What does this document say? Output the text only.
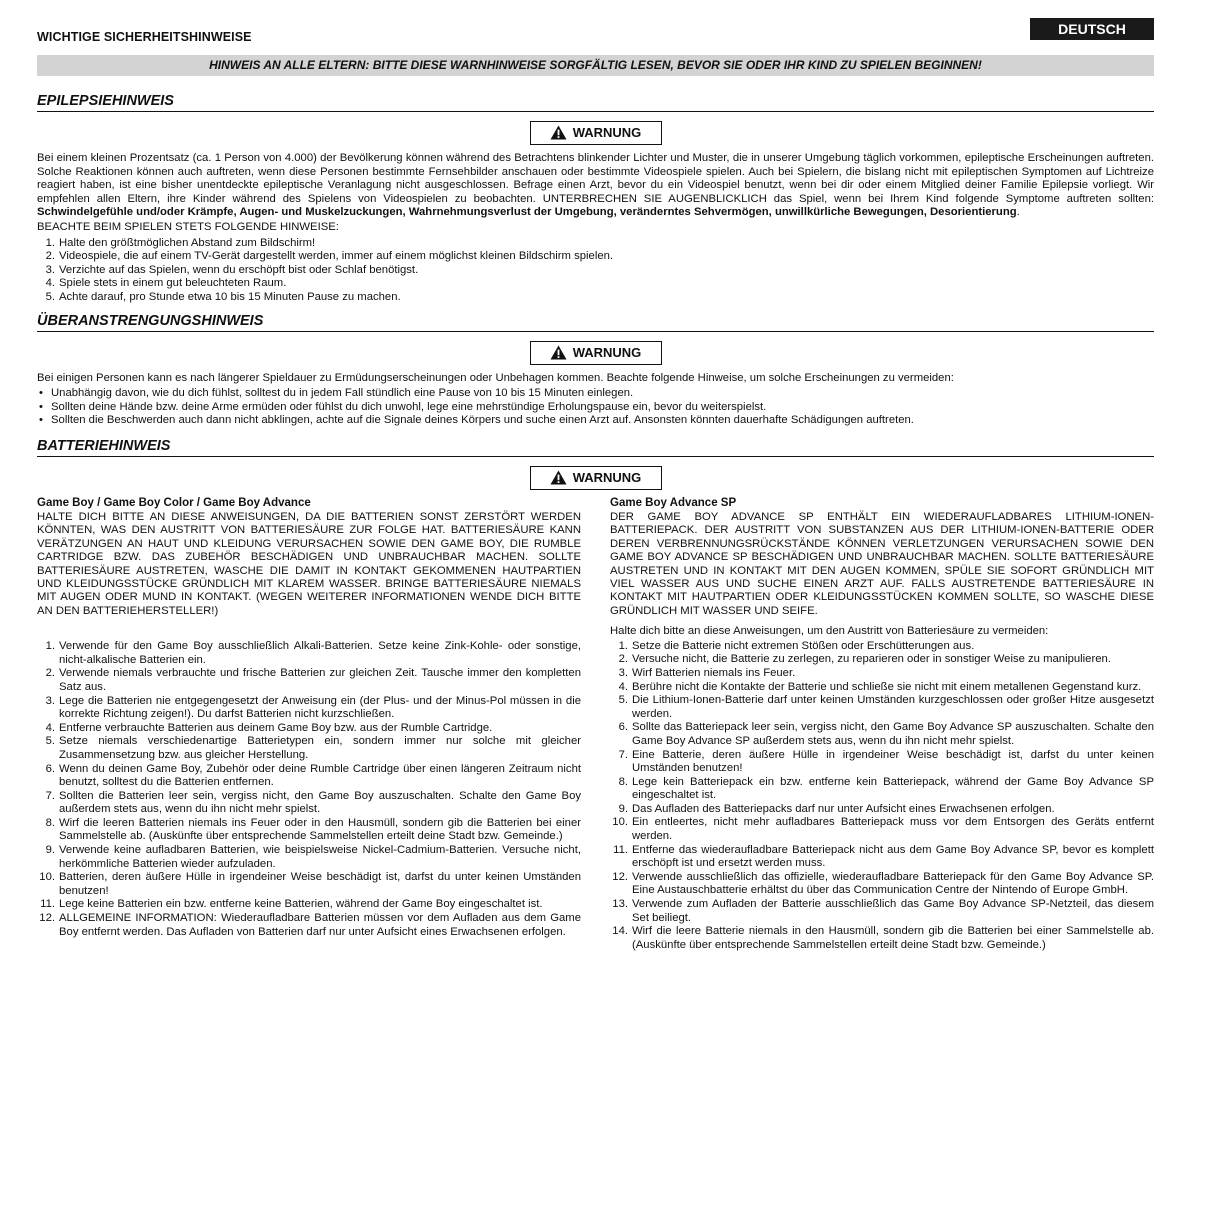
WICHTIGE SICHERHEITSHINWEISE	DEUTSCH
HINWEIS AN ALLE ELTERN: BITTE DIESE WARNHINWEISE SORGFÄLTIG LESEN, BEVOR SIE ODER IHR KIND ZU SPIELEN BEGINNEN!
EPILEPSIEHINWEIS
WARNUNG

Bei einem kleinen Prozentsatz (ca. 1 Person von 4.000) der Bevölkerung können während des Betrachtens blinkender Lichter und Muster, die in unserer Umgebung täglich vorkommen, epileptische Erscheinungen auftreten. Solche Reaktionen können auch auftreten, wenn diese Personen bestimmte Fernsehbilder anschauen oder bestimmte Videospiele spielen. Auch bei Spielern, die bislang nicht mit epileptischen Symptomen auf Lichtreize reagiert haben, ist eine bisher unentdeckte epileptische Veranlagung nicht ausgeschlossen. Befrage einen Arzt, bevor du ein Videospiel benutzt, wenn bei dir oder einem Mitglied deiner Familie Epilepsie vorliegt. Wir empfehlen allen Eltern, ihre Kinder während des Spielens von Videospielen zu beobachten. UNTERBRECHEN SIE AUGENBLICKLICH das Spiel, wenn bei Ihrem Kind folgende Symptome auftreten sollten: Schwindelgefühle und/oder Krämpfe, Augen- und Muskelzuckungen, Wahrnehmungsverlust der Umgebung, veränderntes Sehvermögen, unwillkürliche Bewegungen, Desorientierung.

BEACHTE BEIM SPIELEN STETS FOLGENDE HINWEISE:

1. Halte den größtmöglichen Abstand zum Bildschirm!
2. Videospiele, die auf einem TV-Gerät dargestellt werden, immer auf einem möglichst kleinen Bildschirm spielen.
3. Verzichte auf das Spielen, wenn du erschöpft bist oder Schlaf benötigst.
4. Spiele stets in einem gut beleuchteten Raum.
5. Achte darauf, pro Stunde etwa 10 bis 15 Minuten Pause zu machen.
ÜBERANSTRENGUNGSHINWEIS
WARNUNG

Bei einigen Personen kann es nach längerer Spieldauer zu Ermüdungserscheinungen oder Unbehagen kommen. Beachte folgende Hinweise, um solche Erscheinungen zu vermeiden:

• Unabhängig davon, wie du dich fühlst, solltest du in jedem Fall stündlich eine Pause von 10 bis 15 Minuten einlegen.
• Sollten deine Hände bzw. deine Arme ermüden oder fühlst du dich unwohl, lege eine mehrstündige Erholungspause ein, bevor du weiterspielst.
• Sollten die Beschwerden auch dann nicht abklingen, achte auf die Signale deines Körpers und suche einen Arzt auf. Ansonsten könnten dauerhafte Schädigungen auftreten.
BATTERIEHINWEIS
WARNUNG
Game Boy / Game Boy Color / Game Boy Advance

HALTE DICH BITTE AN DIESE ANWEISUNGEN, DA DIE BATTERIEN SONST ZERSTÖRT WERDEN KÖNNTEN, WAS DEN AUSTRITT VON BATTERIESÄURE ZUR FOLGE HAT. BATTERIESÄURE KANN VERÄTZUNGEN AN HAUT UND KLEIDUNG VERURSACHEN SOWIE DEN GAME BOY, DIE RUMBLE CARTRIDGE BZW. DAS ZUBEHÖR BESCHÄDIGEN UND UNBRAUCHBAR MACHEN. SOLLTE BATTERIESÄURE AUSTRETEN, WASCHE DIE DAMIT IN KONTAKT GEKOMMENEN HAUTPARTIEN UND KLEIDUNGSSTÜCKE GRÜNDLICH MIT KLAREM WASSER. BRINGE BATTERIESÄURE NIEMALS MIT AUGEN ODER MUND IN KONTAKT. (WEGEN WEITERER INFORMATIONEN WENDE DICH BITTE AN DEN BATTERIEHERSTELLER!)

1. Verwende für den Game Boy ausschließlich Alkali-Batterien. Setze keine Zink-Kohle- oder sonstige, nicht-alkalische Batterien ein.
2. Verwende niemals verbrauchte und frische Batterien zur gleichen Zeit. Tausche immer den kompletten Satz aus.
3. Lege die Batterien nie entgegengesetzt der Anweisung ein (der Plus- und der Minus-Pol müssen in die korrekte Richtung zeigen!). Du darfst Batterien nicht kurzschließen.
4. Entferne verbrauchte Batterien aus deinem Game Boy bzw. aus der Rumble Cartridge.
5. Setze niemals verschiedenartige Batterietypen ein, sondern immer nur solche mit gleicher Zusammensetzung bzw. aus gleicher Herstellung.
6. Wenn du deinen Game Boy, Zubehör oder deine Rumble Cartridge über einen längeren Zeitraum nicht benutzt, solltest du die Batterien entfernen.
7. Sollten die Batterien leer sein, vergiss nicht, den Game Boy auszuschalten. Schalte den Game Boy außerdem stets aus, wenn du ihn nicht mehr spielst.
8. Wirf die leeren Batterien niemals ins Feuer oder in den Hausmüll, sondern gib die Batterien bei einer Sammelstelle ab. (Auskünfte über entsprechende Sammelstellen erteilt deine Stadt bzw. Gemeinde.)
9. Verwende keine aufladbaren Batterien, wie beispielsweise Nickel-Cadmium-Batterien. Versuche nicht, herkömmliche Batterien wieder aufzuladen.
10. Batterien, deren äußere Hülle in irgendeiner Weise beschädigt ist, darfst du unter keinen Umständen benutzen!
11. Lege keine Batterien ein bzw. entferne keine Batterien, während der Game Boy eingeschaltet ist.
12. ALLGEMEINE INFORMATION: Wiederaufladbare Batterien müssen vor dem Aufladen aus dem Game Boy entfernt werden. Das Aufladen von Batterien darf nur unter Aufsicht eines Erwachsenen erfolgen.
Game Boy Advance SP

DER GAME BOY ADVANCE SP ENTHÄLT EIN WIEDERAUFLADBARES LITHIUM-IONEN-BATTERIEPACK. DER AUSTRITT VON SUBSTANZEN AUS DER LITHIUM-IONEN-BATTERIE ODER DEREN VERBRENNUNGSRÜCKSTÄNDE KÖNNEN VERLETZUNGEN VERURSACHEN SOWIE DEN GAME BOY ADVANCE SP BESCHÄDIGEN UND UNBRAUCHBAR MACHEN. SOLLTE BATTERIESÄURE AUSTRETEN UND IN KONTAKT MIT DEN AUGEN KOMMEN, SPÜLE SIE SOFORT GRÜNDLICH MIT VIEL WASSER AUS UND SUCHE EINEN ARZT AUF. FALLS AUSTRETENDE BATTERIESÄURE IN KONTAKT MIT HAUTPARTIEN ODER KLEIDUNGSSTÜCKEN KOMMEN SOLLTE, SO WASCHE DIESE GRÜNDLICH MIT WASSER UND SEIFE.

Halte dich bitte an diese Anweisungen, um den Austritt von Batteriesäure zu vermeiden:

1. Setze die Batterie nicht extremen Stößen oder Erschütterungen aus.
2. Versuche nicht, die Batterie zu zerlegen, zu reparieren oder in sonstiger Weise zu manipulieren.
3. Wirf Batterien niemals ins Feuer.
4. Berühre nicht die Kontakte der Batterie und schließe sie nicht mit einem metallenen Gegenstand kurz.
5. Die Lithium-Ionen-Batterie darf unter keinen Umständen kurzgeschlossen oder großer Hitze ausgesetzt werden.
6. Sollte das Batteriepack leer sein, vergiss nicht, den Game Boy Advance SP auszuschalten. Schalte den Game Boy Advance SP außerdem stets aus, wenn du ihn nicht mehr spielst.
7. Eine Batterie, deren äußere Hülle in irgendeiner Weise beschädigt ist, darfst du unter keinen Umständen benutzen!
8. Lege kein Batteriepack ein bzw. entferne kein Batteriepack, während der Game Boy Advance SP eingeschaltet ist.
9. Das Aufladen des Batteriepacks darf nur unter Aufsicht eines Erwachsenen erfolgen.
10. Ein entleertes, nicht mehr aufladbares Batteriepack muss vor dem Entsorgen des Geräts entfernt werden.
11. Entferne das wiederaufladbare Batteriepack nicht aus dem Game Boy Advance SP, bevor es komplett erschöpft ist und ersetzt werden muss.
12. Verwende ausschließlich das offizielle, wiederaufladbare Batteriepack für den Game Boy Advance SP. Eine Austauschbatterie erhältst du über das Communication Centre der Nintendo of Europe GmbH.
13. Verwende zum Aufladen der Batterie ausschließlich das Game Boy Advance SP-Netzteil, das diesem Set beiliegt.
14. Wirf die leere Batterie niemals in den Hausmüll, sondern gib die Batterien bei einer Sammelstelle ab. (Auskünfte über entsprechende Sammelstellen erteilt deine Stadt bzw. Gemeinde.)
